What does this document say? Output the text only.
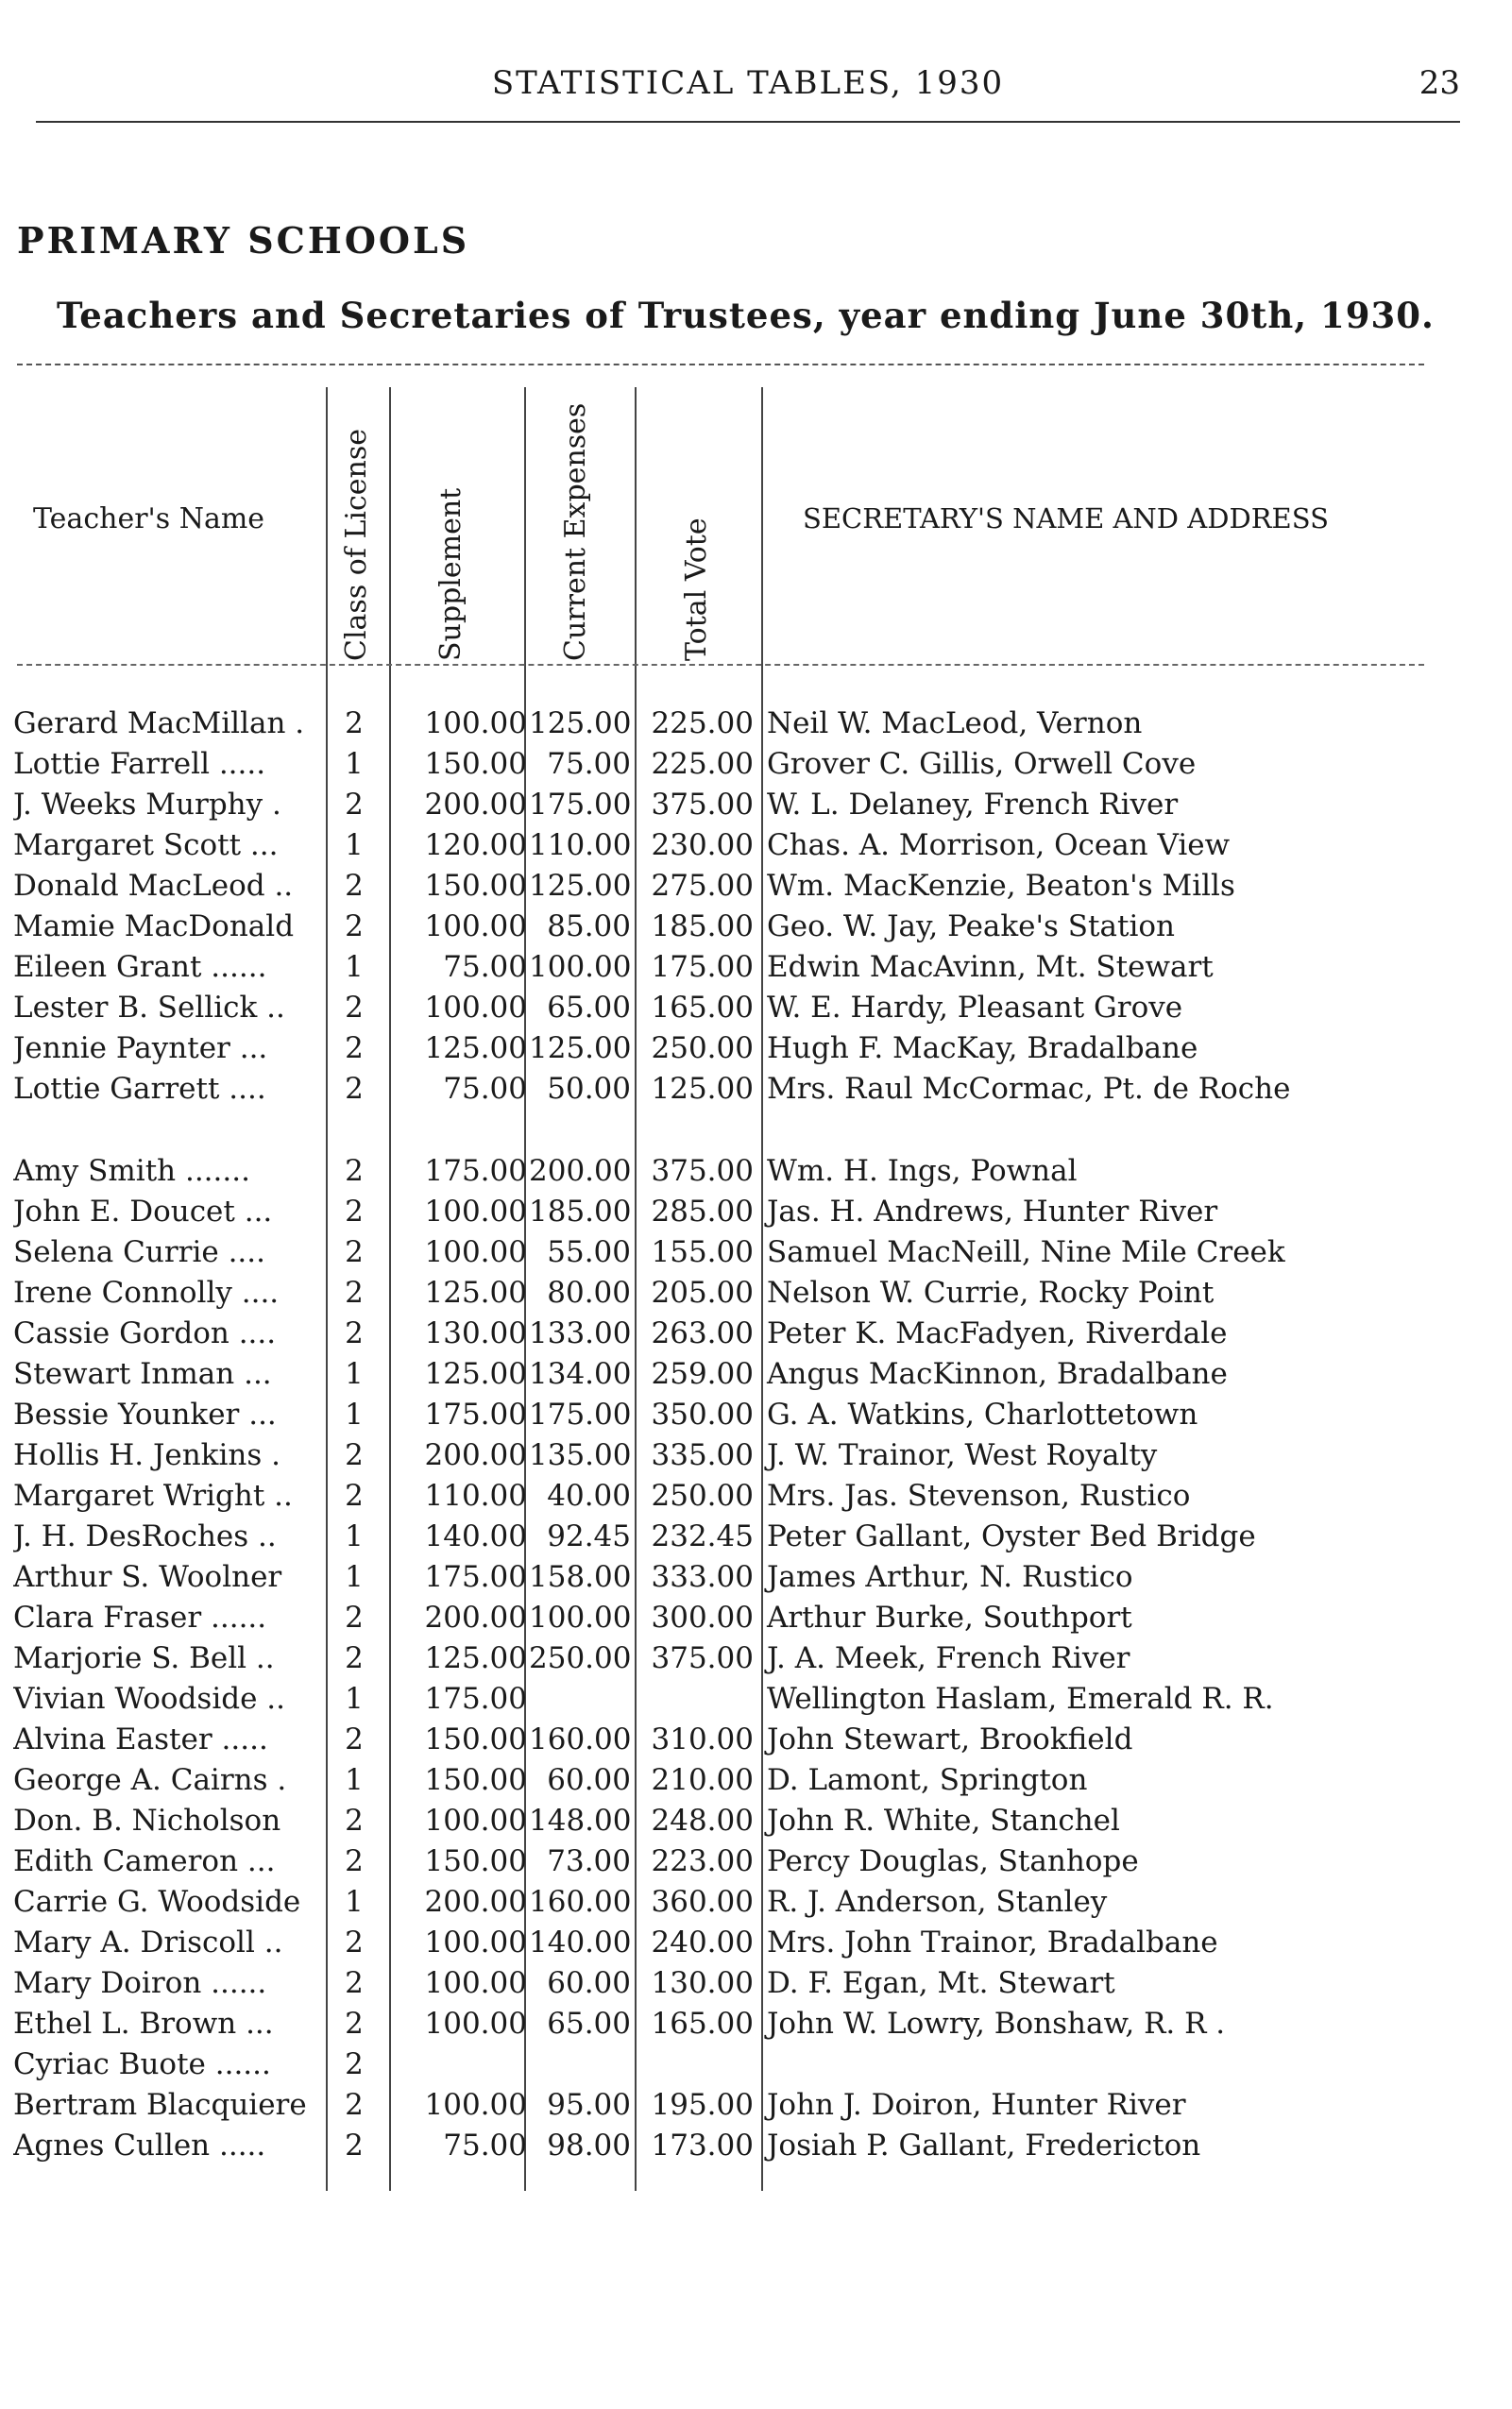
STATISTICAL TABLES, 1930	23
PRIMARY SCHOOLS
Teachers and Secretaries of Trustees, year ending June 30th, 1930.
Teacher's Name	Class of License Supplement	Current Expenses	Total Vote	SECRETARY'S NAME AND ADDRESS
Gerard MacMillan .	2	100.00 125.00 225.00 Neil W. MacLeod, Vernon
Lottie Farrell .....	1	150.00 75.00 225.00 Grover C. Gillis, Orwell Cove
J. Weeks Murphy .	2	200.00 175.00 375.00 W. L. Delaney, French River
Margaret Scott ...	1	120.00 110.00 230.00 Chas. A. Morrison, Ocean View
Donald MacLeod ..	2	150.00 125.00 275.00 Wm. MacKenzie, Beaton's Mills
Mamie MacDonald	2	100.00 85.00 185.00 Geo. W. Jay, Peake's Station
Eileen Grant ......	1	75.00 100.00 175.00 Edwin MacAvinn, Mt. Stewart
Lester B. Sellick ..	2	100.00 65.00 165.00 W. E. Hardy, Pleasant Grove
Jennie Paynter ...	2	125.00 125.00 250.00 Hugh F. MacKay, Bradalbane
Lottie Garrett ....	2	75.00 50.00 125.00 Mrs. Raul McCormac, Pt. de Roche
Amy Smith .......	2	175.00 200.00 375.00 Wm. H. Ings, Pownal
John E. Doucet ...	2	100.00 185.00 285.00 Jas. H. Andrews, Hunter River
Selena Currie ....	2	100.00 55.00 155.00 Samuel MacNeill, Nine Mile Creek
Irene Connolly ....	2	125.00 80.00 205.00 Nelson W. Currie, Rocky Point
Cassie Gordon ....	2	130.00 133.00 263.00 Peter K. MacFadyen, Riverdale
Stewart Inman ...	1	125.00 134.00 259.00 Angus MacKinnon, Bradalbane
Bessie Younker ...	1	175.00 175.00 350.00 G. A. Watkins, Charlottetown
Hollis H. Jenkins .	2	200.00 135.00 335.00 J. W. Trainor, West Royalty
Margaret Wright ..	2	110.00 40.00 250.00 Mrs. Jas. Stevenson, Rustico
J. H. DesRoches ..	1	140.00 92.45 232.45 Peter Gallant, Oyster Bed Bridge
Arthur S. Woolner	1	175.00 158.00 333.00 James Arthur, N. Rustico
Clara Fraser ......	2	200.00 100.00 300.00 Arthur Burke, Southport
Marjorie S. Bell ..	2	125.00 250.00 375.00 J. A. Meek, French River
Vivian Woodside ..	1	175.00	Wellington Haslam, Emerald R. R.
Alvina Easter .....	2	150.00 160.00 310.00 John Stewart, Brookfield
George A. Cairns .	1	150.00 60.00 210.00 D. Lamont, Springton
Don. B. Nicholson	2	100.00 148.00 248.00 John R. White, Stanchel
Edith Cameron ...	2	150.00 73.00 223.00 Percy Douglas, Stanhope
Carrie G. Woodside	1	200.00 160.00 360.00 R. J. Anderson, Stanley
Mary A. Driscoll ..	2	100.00 140.00 240.00 Mrs. John Trainor, Bradalbane
Mary Doiron ......	2	100.00 60.00 130.00 D. F. Egan, Mt. Stewart
Ethel L. Brown ...	2	100.00 65.00 165.00 John W. Lowry, Bonshaw, R. R .
Cyriac Buote ......	2
Bertram Blacquiere	2	100.00 95.00 195.00 John J. Doiron, Hunter River
Agnes Cullen .....	2	75.00 98.00 173.00 Josiah P. Gallant, Fredericton
